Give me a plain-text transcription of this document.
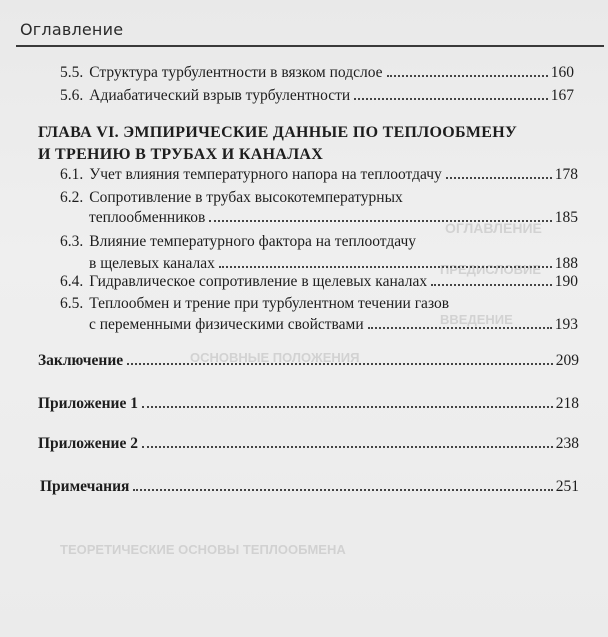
ОГЛАВЛЕНИЕ
ПРЕДИСЛОВИЕ
ВВЕДЕНИЕ
ОСНОВНЫЕ ПОЛОЖЕНИЯ
ТЕОРЕТИЧЕСКИЕ ОСНОВЫ ТЕПЛООБМЕНА
Оглавление
5.5. Структура турбулентности в вязком подслое	160
5.6. Адиабатический взрыв турбулентности	167
ГЛАВА VI. ЭМПИРИЧЕСКИЕ ДАННЫЕ ПО ТЕПЛООБМЕНУ
И ТРЕНИЮ В ТРУБАХ И КАНАЛАХ
6.1. Учет влияния температурного напора на теплоотдачу	178
6.2. Сопротивление в трубах высокотемпературных
теплообменников	185
6.3. Влияние температурного фактора на теплоотдачу
в щелевых каналах	188
6.4. Гидравлическое сопротивление в щелевых каналах	190
6.5. Теплообмен и трение при турбулентном течении газов
с переменными физическими свойствами	193
Заключение	209
Приложение 1	218
Приложение 2	238
Примечания	251
